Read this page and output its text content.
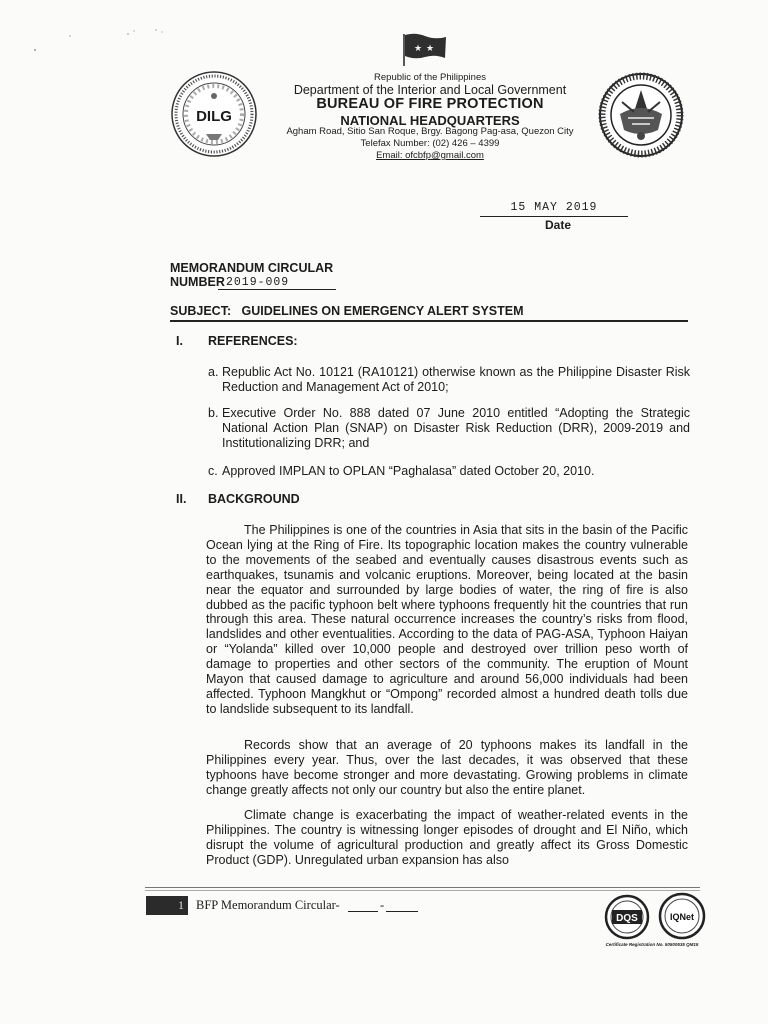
★ ★
DILG
Republic of the Philippines
Department of the Interior and Local Government
BUREAU OF FIRE PROTECTION
NATIONAL HEADQUARTERS
Agham Road, Sitio San Roque, Brgy. Bagong Pag-asa, Quezon City
Telefax Number: (02) 426 – 4399
Email: ofcbfp@gmail.com
15 MAY 2019
Date
MEMORANDUM CIRCULAR
NUMBER 2019-009
SUBJECT:   GUIDELINES ON EMERGENCY ALERT SYSTEM
I. REFERENCES:
a. Republic Act No. 10121 (RA10121) otherwise known as the Philippine Disaster Risk Reduction and Management Act of 2010;
b. Executive Order No. 888 dated 07 June 2010 entitled “Adopting the Strategic National Action Plan (SNAP) on Disaster Risk Reduction (DRR), 2009-2019 and Institutionalizing DRR; and
c. Approved IMPLAN to OPLAN “Paghalasa” dated October 20, 2010.
II. BACKGROUND
The Philippines is one of the countries in Asia that sits in the basin of the Pacific Ocean lying at the Ring of Fire. Its topographic location makes the country vulnerable to the movements of the seabed and eventually causes disastrous events such as earthquakes, tsunamis and volcanic eruptions. Moreover, being located at the basin near the equator and surrounded by large bodies of water, the ring of fire is also dubbed as the pacific typhoon belt where typhoons frequently hit the countries that run through this area. These natural occurrence increases the country’s risks from flood, landslides and other eventualities. According to the data of PAG-ASA, Typhoon Haiyan or “Yolanda” killed over 10,000 people and destroyed over trillion peso worth of damage to properties and other sectors of the community. The eruption of Mount Mayon that caused damage to agriculture and around 56,000 individuals had been affected. Typhoon Mangkhut or “Ompong” recorded almost a hundred death tolls due to landslide subsequent to its landfall.
Records show that an average of 20 typhoons makes its landfall in the Philippines every year. Thus, over the last decades, it was observed that these typhoons have become stronger and more devastating. Growing problems in climate change greatly affects not only our country but also the entire planet.
Climate change is exacerbating the impact of weather-related events in the Philippines. The country is witnessing longer episodes of drought and El Niño, which disrupt the volume of agricultural production and greatly affect its Gross Domestic Product (GDP). Unregulated urban expansion has also
1 BFP Memorandum Circular-	-
DQS	IQNet
Certificate Registration No. 50500535 QM15
